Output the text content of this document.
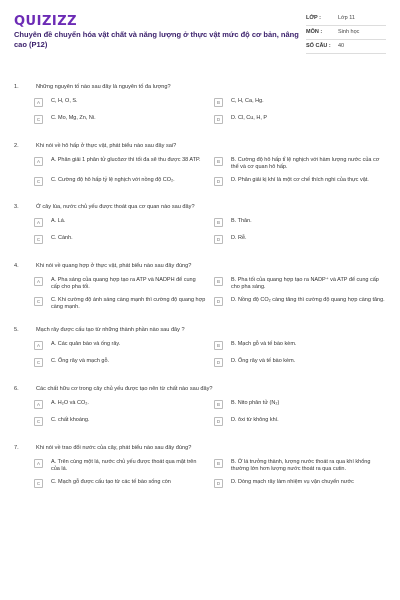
QUIZIZZ
Chuyên đề chuyển hóa vật chất và năng lượng ở thực vật mức độ cơ bản, nâng cao (P12)
LỚP :	Lớp 11
MÔN :	Sinh học
SỐ CÂU :	40
1.	Những nguyên tố nào sau đây là nguyên tố đa lượng?
A	C, H, O, S.	B	C, H, Ca, Hg.
C	C. Mo, Mg, Zn, Ni.	D	D. Cl, Cu, H, P
2.	Khi nói về hô hấp ở thực vật, phát biểu nào sau đây sai?
A	A. Phân giải 1 phân tử glucôzơ thì tối đa sẽ thu được 38 ATP.	B	B. Cường độ hô hấp tỉ lệ nghịch với hàm lượng nước của cơ thể và cơ quan hô hấp.
C	C. Cường độ hô hấp tỷ lệ nghịch với nồng độ CO₂.	D	D. Phân giải kị khí là một cơ chế thích nghi của thực vật.
3.	Ở cây lúa, nước chủ yếu được thoát qua cơ quan nào sau đây?
A	A. Lá.	B	B. Thân.
C	C. Cành.	D	D. Rễ.
4.	Khi nói về quang hợp ở thực vật, phát biểu nào sau đây đúng?
A	A. Pha sáng của quang hợp tạo ra ATP và NADPH để cung cấp cho pha tối.
B	B. Pha tối của quang hợp tạo ra NADP⁺ và ATP để cung cấp cho pha sáng.
C	C. Khi cường độ ánh sáng càng mạnh thì cường độ quang hợp càng mạnh.
D	D. Nồng độ CO₂ càng tăng thì cường độ quang hợp càng tăng.
5.	Mạch rây được cấu tạo từ những thành phần nào sau đây ?
A	A. Các quản bào và ống rây.	B	B. Mạch gỗ và tế bào kèm.
C	C. Ống rây và mạch gỗ.	D	D. Ống rây và tế bào kèm.
6.	Các chất hữu cơ trong cây chủ yếu được tạo nên từ chất nào sau đây?
A	A. H₂O và CO₂.	B	B. Nito phân tử (N₂)
C	C. chất khoáng.	D	D. ôxi từ không khí.
7.	Khi nói về trao đổi nước của cây, phát biểu nào sau đây đúng?
A	A. Trên cùng một lá, nước chủ yếu được thoát qua mặt trên của lá.
B	B. Ở lá trưởng thành, lượng nước thoát ra qua khí khổng thường lớn hơn lượng nước thoát ra qua cutin.
C	C. Mạch gỗ được cấu tạo từ các tế bào sống còn	D	D. Dòng mạch rây làm nhiệm vụ vận chuyển nước
